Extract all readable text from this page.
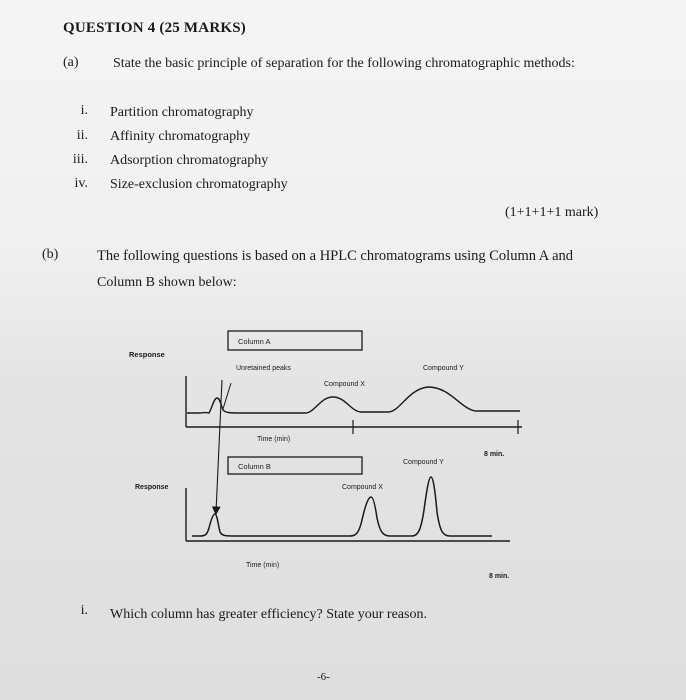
QUESTION 4 (25 MARKS)
(a) State the basic principle of separation for the following chromatographic methods:
i. Partition chromatography
ii. Affinity chromatography
iii. Adsorption chromatography
iv. Size-exclusion chromatography
(1+1+1+1 mark)
(b)	The following questions is based on a HPLC chromatograms using Column A and
Column B shown below:
Column A
Response
Unretained peaks
Compound X
Compound Y
Time (min)
8 min.
Column B	Compound Y
Compound X
Response
Time (min)
8 min.
i. Which column has greater efficiency? State your reason.
-6-
